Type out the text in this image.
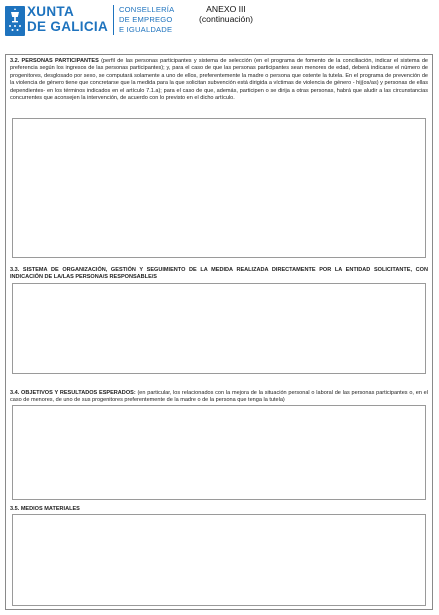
XUNTA
DE GALICIA
CONSELLERÍA
DE EMPREGO
E IGUALDADE
ANEXO III
(continuación)
3.2. PERSONAS PARTICIPANTES (perfil de las personas participantes y sistema de selección (en el programa de fomento de la conciliación, indicar el sistema de preferencia según los ingresos de las personas participantes); y, para el caso de que las personas participantes sean menores de edad, deberá indicarse el número de progenitores, desglosado por sexo, se computará solamente a uno de ellos, preferentemente la madre o persona que ostente la tutela. En el programa de prevención de la violencia de género tiene que concretarse que la medida para la que solicitan subvención está dirigida a víctimas de violencia de género - hij(os/as) y personas de ellas dependientes- en los términos indicados en el artículo 7.1.a); para el caso de que, además, participen o se dirija a otras personas, habrá que aludir a las circunstancias concurrentes que aconsejen la intervención, de acuerdo con lo previsto en el dicho artículo.
3.3. SISTEMA DE ORGANIZACIÓN, GESTIÓN Y SEGUIMIENTO DE LA MEDIDA REALIZADA DIRECTAMENTE POR LA ENTIDAD SOLICITANTE, CON INDICACIÓN DE LA/LAS PERSONA/S RESPONSABLE/S
3.4. OBJETIVOS Y RESULTADOS ESPERADOS: (en particular, los relacionados con la mejora de la situación personal o laboral de las personas participantes o, en el caso de menores, de uno de sus progenitores preferentemente de la madre o de la persona que tenga la tutela)
3.5. MEDIOS MATERIALES
